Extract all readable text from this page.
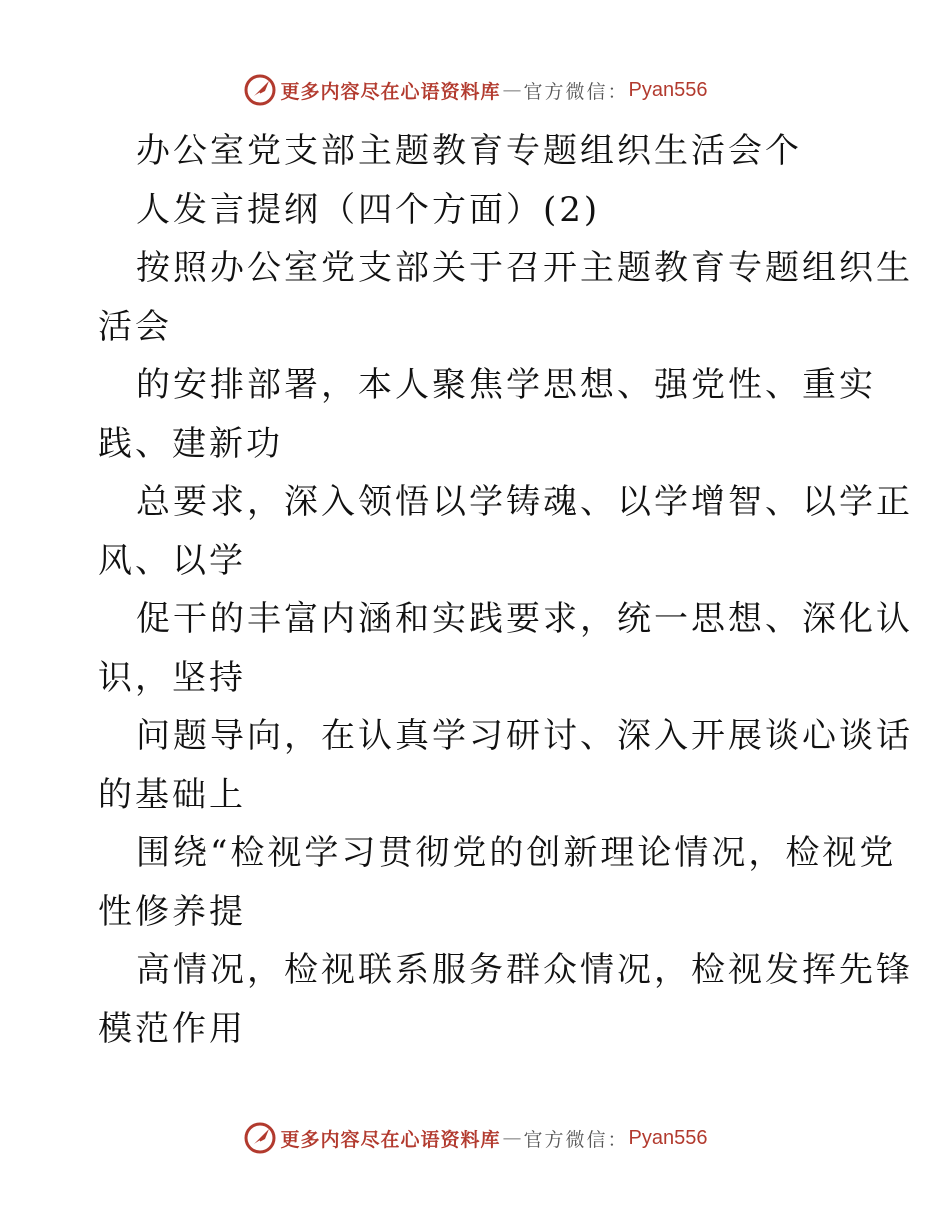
更多内容尽在心语资料库 — 官方微信： Pyan556
办公室党支部主题教育专题组织生活会个
人发言提纲（四个方面）(2)
按照办公室党支部关于召开主题教育专题组织生
活会
的安排部署，本人聚焦学思想、强党性、重实
践、建新功
总要求，深入领悟以学铸魂、以学增智、以学正
风、以学
促干的丰富内涵和实践要求，统一思想、深化认
识，坚持
问题导向，在认真学习研讨、深入开展谈心谈话
的基础上
围绕“检视学习贯彻党的创新理论情况，检视党
性修养提
高情况，检视联系服务群众情况，检视发挥先锋
模范作用
更多内容尽在心语资料库 — 官方微信： Pyan556
